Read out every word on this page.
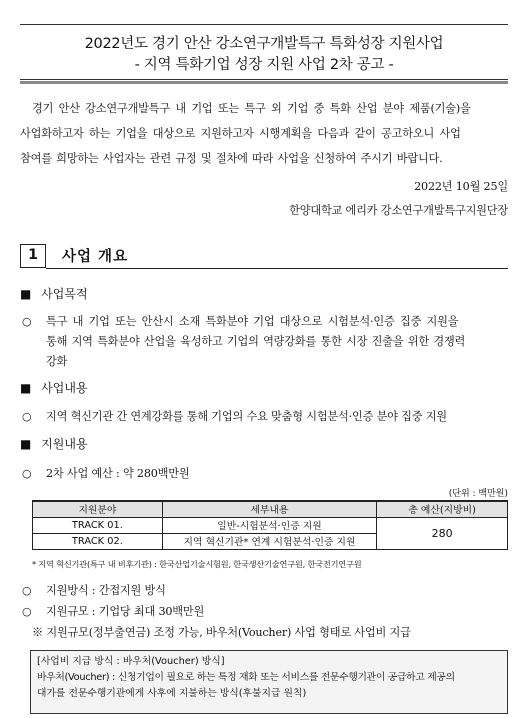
2022년도 경기 안산 강소연구개발특구 특화성장 지원사업
- 지역 특화기업 성장 지원 사업 2차 공고 -
경기 안산 강소연구개발특구 내 기업 또는 특구 외 기업 중 특화 산업 분야 제품(기술)을
사업화하고자 하는 기업을 대상으로 지원하고자 시행계획을 다음과 같이 공고하오니 사업
참여를 희망하는 사업자는 관련 규정 및 절차에 따라 사업을 신청하여 주시기 바랍니다.
2022년 10월 25일
한양대학교 에리카 강소연구개발특구지원단장
1	사업 개요
■ 사업목적
○ 특구 내 기업 또는 안산시 소재 특화분야 기업 대상으로 시험분석·인증 집중 지원을
통해 지역 특화분야 산업을 육성하고 기업의 역량강화를 통한 시장 진출을 위한 경쟁력
강화
■ 사업내용
○ 지역 혁신기관 간 연계강화를 통해 기업의 수요 맞춤형 시험분석·인증 분야 집중 지원
■ 지원내용
○ 2차 사업 예산 : 약 280백만원
(단위 : 백만원)
지원분야	세부내용	총 예산(지방비)
TRACK 01.	일반-시험분석·인증 지원	280
TRACK 02.	지역 혁신기관* 연계 시험분석·인증 지원	
* 지역 혁신기관(특구 내 비후기관) : 한국산업기술시험원, 한국생산기술연구원, 한국전기연구원
○ 지원방식 : 간접지원 방식
○ 지원규모 : 기업당 최대 30백만원
※ 지원규모(정부출연금) 조정 가능, 바우처(Voucher) 사업 형태로 사업비 지급
[사업비 지급 방식 : 바우처(Voucher) 방식]
바우처(Voucher) : 신청기업이 필요로 하는 특정 재화 또는 서비스를 전문수행기관이 공급하고 제공의
대가를 전문수행기관에게 사후에 지불하는 방식(후불지급 원칙)
